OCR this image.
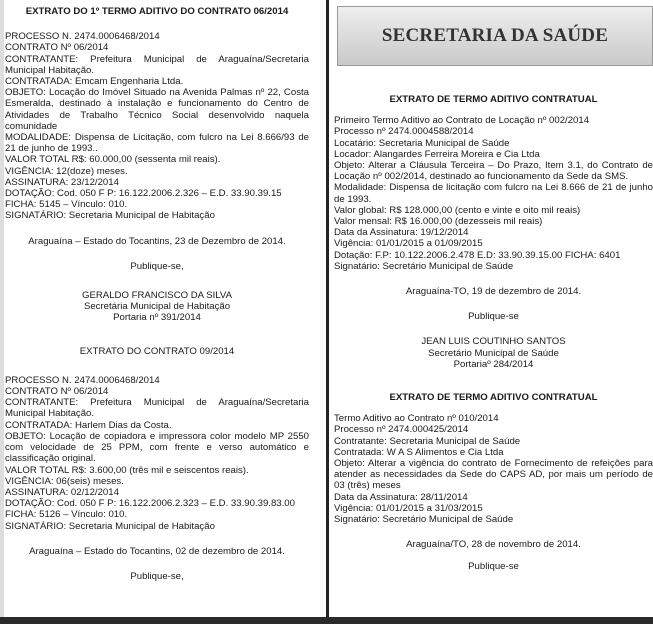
EXTRATO DO 1º TERMO ADITIVO DO CONTRATO 06/2014

PROCESSO N. 2474.0006468/2014

CONTRATO Nº 06/2014

CONTRATANTE: Prefeitura Municipal de Araguaína/Secretaria Municipal Habitação.

CONTRATADA: Emcam Engenharia Ltda.

OBJETO: Locação do Imóvel Situado na Avenida Palmas nº 22, Costa Esmeralda, destinado à instalação e funcionamento do Centro de Atividades de Trabalho Técnico Social desenvolvido naquela comunidade

MODALIDADE: Dispensa de Licitação, com fulcro na Lei 8.666/93 de 21 de junho de 1993..

VALOR TOTAL R$: 60.000,00 (sessenta mil reais).

VIGÊNCIA: 12(doze) meses.

ASSINATURA: 23/12/2014

DOTAÇÃO: Cod. 050 F P: 16.122.2006.2.326 – E.D. 33.90.39.15

FICHA: 5145 – Vínculo: 010.

SIGNATÁRIO: Secretaria Municipal de Habitação

Araguaína – Estado do Tocantins, 23 de Dezembro de 2014.
Publique-se,
GERALDO FRANCISCO DA SILVA
Secretária Municipal de Habitação
Portaria nº 391/2014
EXTRATO DO CONTRATO 09/2014

PROCESSO N. 2474.0006468/2014

CONTRATO Nº 06/2014

CONTRATANTE: Prefeitura Municipal de Araguaína/Secretaria Municipal Habitação.

CONTRATADA: Harlem Dias da Costa.

OBJETO: Locação de copiadora e impressora color modelo MP 2550 com velocidade de 25 PPM, com frente e verso automático e classificação original.

VALOR TOTAL R$: 3.600,00 (três mil e seiscentos reais).

VIGÊNCIA: 06(seis) meses.

ASSINATURA: 02/12/2014

DOTAÇÃO: Cod. 050 F P: 16.122.2006.2.323 – E.D. 33.90.39.83.00

FICHA: 5126 – Vínculo: 010.

SIGNATÁRIO: Secretaria Municipal de Habitação

Araguaína – Estado do Tocantins, 02 de dezembro de 2014.
Publique-se,
SECRETARIA DA SAÚDE
EXTRATO DE TERMO ADITIVO CONTRATUAL

Primeiro Termo Aditivo ao Contrato de Locação nº 002/2014

Processo nº 2474.0004588/2014

Locatário: Secretaria Municipal de Saúde

Locador: Alangardes Ferreira Moreira e Cia Ltda

Objeto: Alterar a Cláusula Terceira – Do Prazo, Item 3.1, do Contrato de Locação nº 002/2014, destinado ao funcionamento da Sede da SMS.

Modalidade: Dispensa de licitação com fulcro na Lei 8.666 de 21 de junho de 1993.

Valor global: R$ 128.000,00 (cento e vinte e oito mil reais)

Valor mensal: R$ 16.000,00 (dezesseis mil reais)

Data da Assinatura: 19/12/2014

Vigência: 01/01/2015 a 01/09/2015

Dotação: F.P: 10.122.2006.2.478 E.D: 33.90.39.15.00 FICHA: 6401

Signatário: Secretário Municipal de Saúde

Araguaína-TO, 19 de dezembro de 2014.
Publique-se
JEAN LUIS COUTINHO SANTOS
Secretário Municipal de Saúde
Portariaº 284/2014
EXTRATO DE TERMO ADITIVO CONTRATUAL

Termo Aditivo ao Contrato nº 010/2014

Processo nº 2474.000425/2014

Contratante: Secretaria Municipal de Saúde

Contratada: W A S Alimentos e Cia Ltda

Objeto: Alterar a vigência do contrato de Fornecimento de refeições para atender as necessidades da Sede do CAPS AD, por mais um período de 03 (três) meses

Data da Assinatura: 28/11/2014

Vigência: 01/01/2015 a 31/03/2015

Signatário: Secretário Municipal de Saúde

Araguaína/TO, 28 de novembro de 2014.
Publique-se
